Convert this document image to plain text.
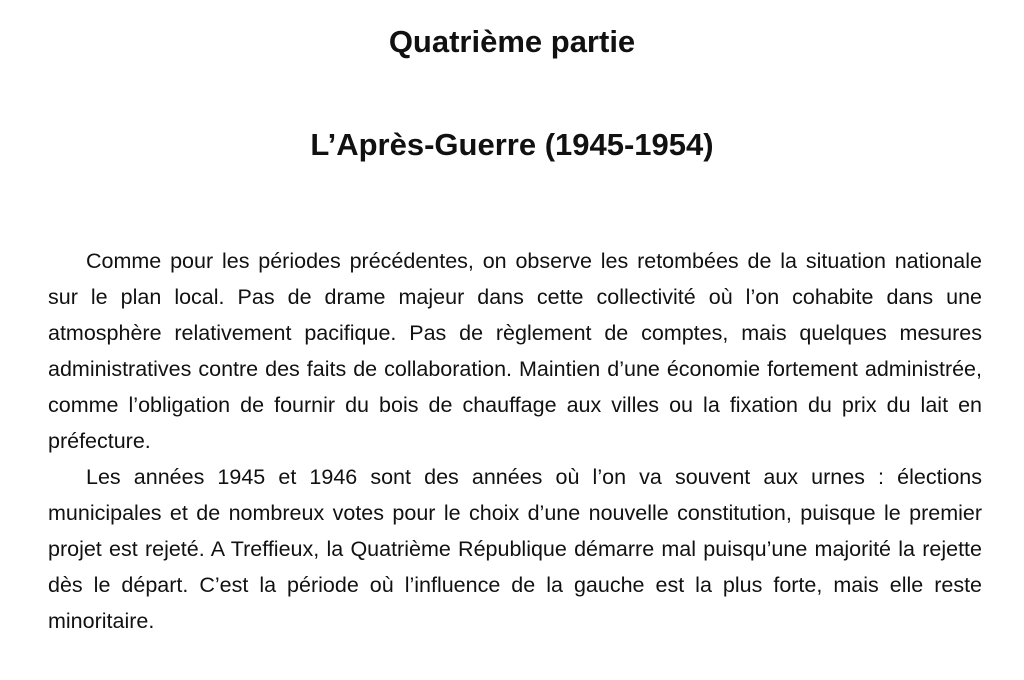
Quatrième partie
L’Après-Guerre (1945-1954)

Comme pour les périodes précédentes, on observe les retombées de la situation nationale sur le plan local. Pas de drame majeur dans cette collectivité où l’on cohabite dans une atmosphère relativement pacifique. Pas de règlement de comptes, mais quelques mesures administratives contre des faits de collaboration. Maintien d’une économie fortement administrée, comme l’obligation de fournir du bois de chauffage aux villes ou la fixation du prix du lait en préfecture.

Les années 1945 et 1946 sont des années où l’on va souvent aux urnes : élections municipales et de nombreux votes pour le choix d’une nouvelle constitution, puisque le premier projet est rejeté. A Treffieux, la Quatrième République démarre mal puisqu’une majorité la rejette dès le départ. C’est la période où l’influence de la gauche est la plus forte, mais elle reste minoritaire.
